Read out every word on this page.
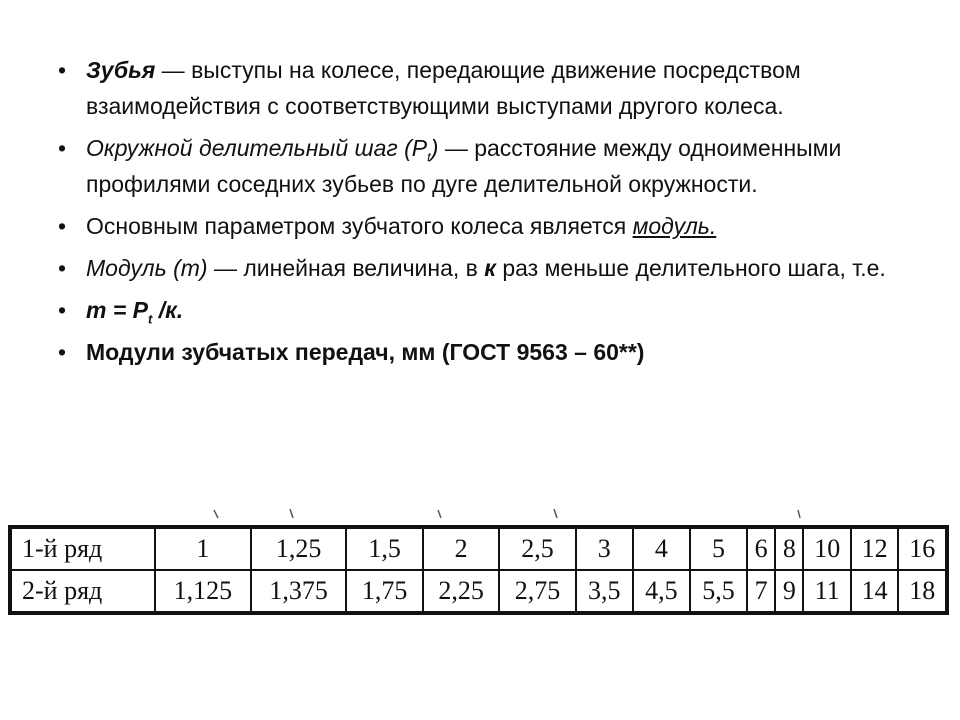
• Зубья — выступы на колесе, передающие движение посредством взаимодействия с соответствующими выступами другого колеса.
• Окружной делительный шаг $(P_t)$ — расстояние между одноименными профилями соседних зубьев по дуге делительной окружности.
• Основным параметром зубчатого колеса является модуль.
• Модуль (m) — линейная величина, в к раз меньше делительного шага, т.е.
• $m = P_t$ /к.
• Модули зубчатых передач, мм (ГОСТ 9563 – 60**)
1-й ряд	1	1,25	1,5	2	2,5	3	4	5	6	8	10	12	16
2-й ряд	1,125	1,375	1,75	2,25	2,75	3,5	4,5	5,5	7	9	11	14	18
